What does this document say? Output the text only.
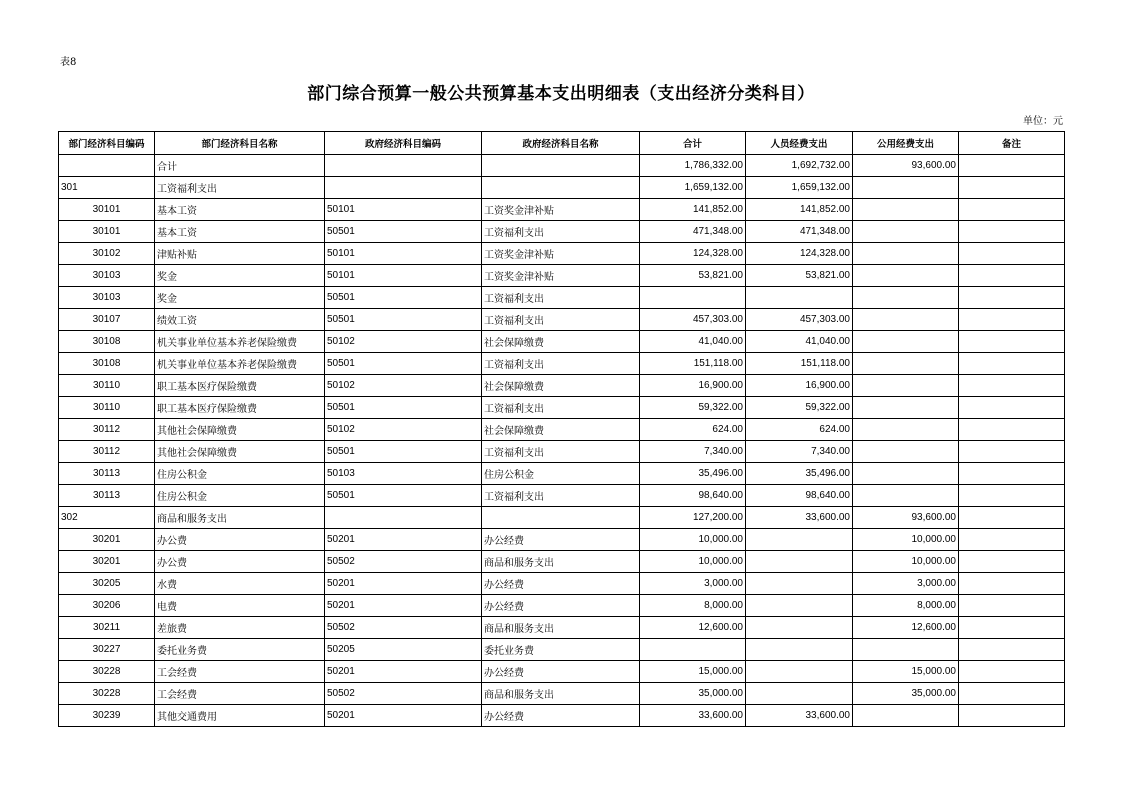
表8
部门综合预算一般公共预算基本支出明细表（支出经济分类科目）
单位：元
部门经济科目编码	部门经济科目名称	政府经济科目编码	政府经济科目名称	合计	人员经费支出	公用经费支出	备注
	合计			1,786,332.00	1,692,732.00	93,600.00	
301	工资福利支出			1,659,132.00	1,659,132.00		
30101	基本工资	50101	工资奖金津补贴	141,852.00	141,852.00		
30101	基本工资	50501	工资福利支出	471,348.00	471,348.00		
30102	津贴补贴	50101	工资奖金津补贴	124,328.00	124,328.00		
30103	奖金	50101	工资奖金津补贴	53,821.00	53,821.00		
30103	奖金	50501	工资福利支出				
30107	绩效工资	50501	工资福利支出	457,303.00	457,303.00		
30108	机关事业单位基本养老保险缴费	50102	社会保障缴费	41,040.00	41,040.00		
30108	机关事业单位基本养老保险缴费	50501	工资福利支出	151,118.00	151,118.00		
30110	职工基本医疗保险缴费	50102	社会保障缴费	16,900.00	16,900.00		
30110	职工基本医疗保险缴费	50501	工资福利支出	59,322.00	59,322.00		
30112	其他社会保障缴费	50102	社会保障缴费	624.00	624.00		
30112	其他社会保障缴费	50501	工资福利支出	7,340.00	7,340.00		
30113	住房公积金	50103	住房公积金	35,496.00	35,496.00		
30113	住房公积金	50501	工资福利支出	98,640.00	98,640.00		
302	商品和服务支出			127,200.00	33,600.00	93,600.00	
30201	办公费	50201	办公经费	10,000.00		10,000.00	
30201	办公费	50502	商品和服务支出	10,000.00		10,000.00	
30205	水费	50201	办公经费	3,000.00		3,000.00	
30206	电费	50201	办公经费	8,000.00		8,000.00	
30211	差旅费	50502	商品和服务支出	12,600.00		12,600.00	
30227	委托业务费	50205	委托业务费				
30228	工会经费	50201	办公经费	15,000.00		15,000.00	
30228	工会经费	50502	商品和服务支出	35,000.00		35,000.00	
30239	其他交通费用	50201	办公经费	33,600.00	33,600.00		
